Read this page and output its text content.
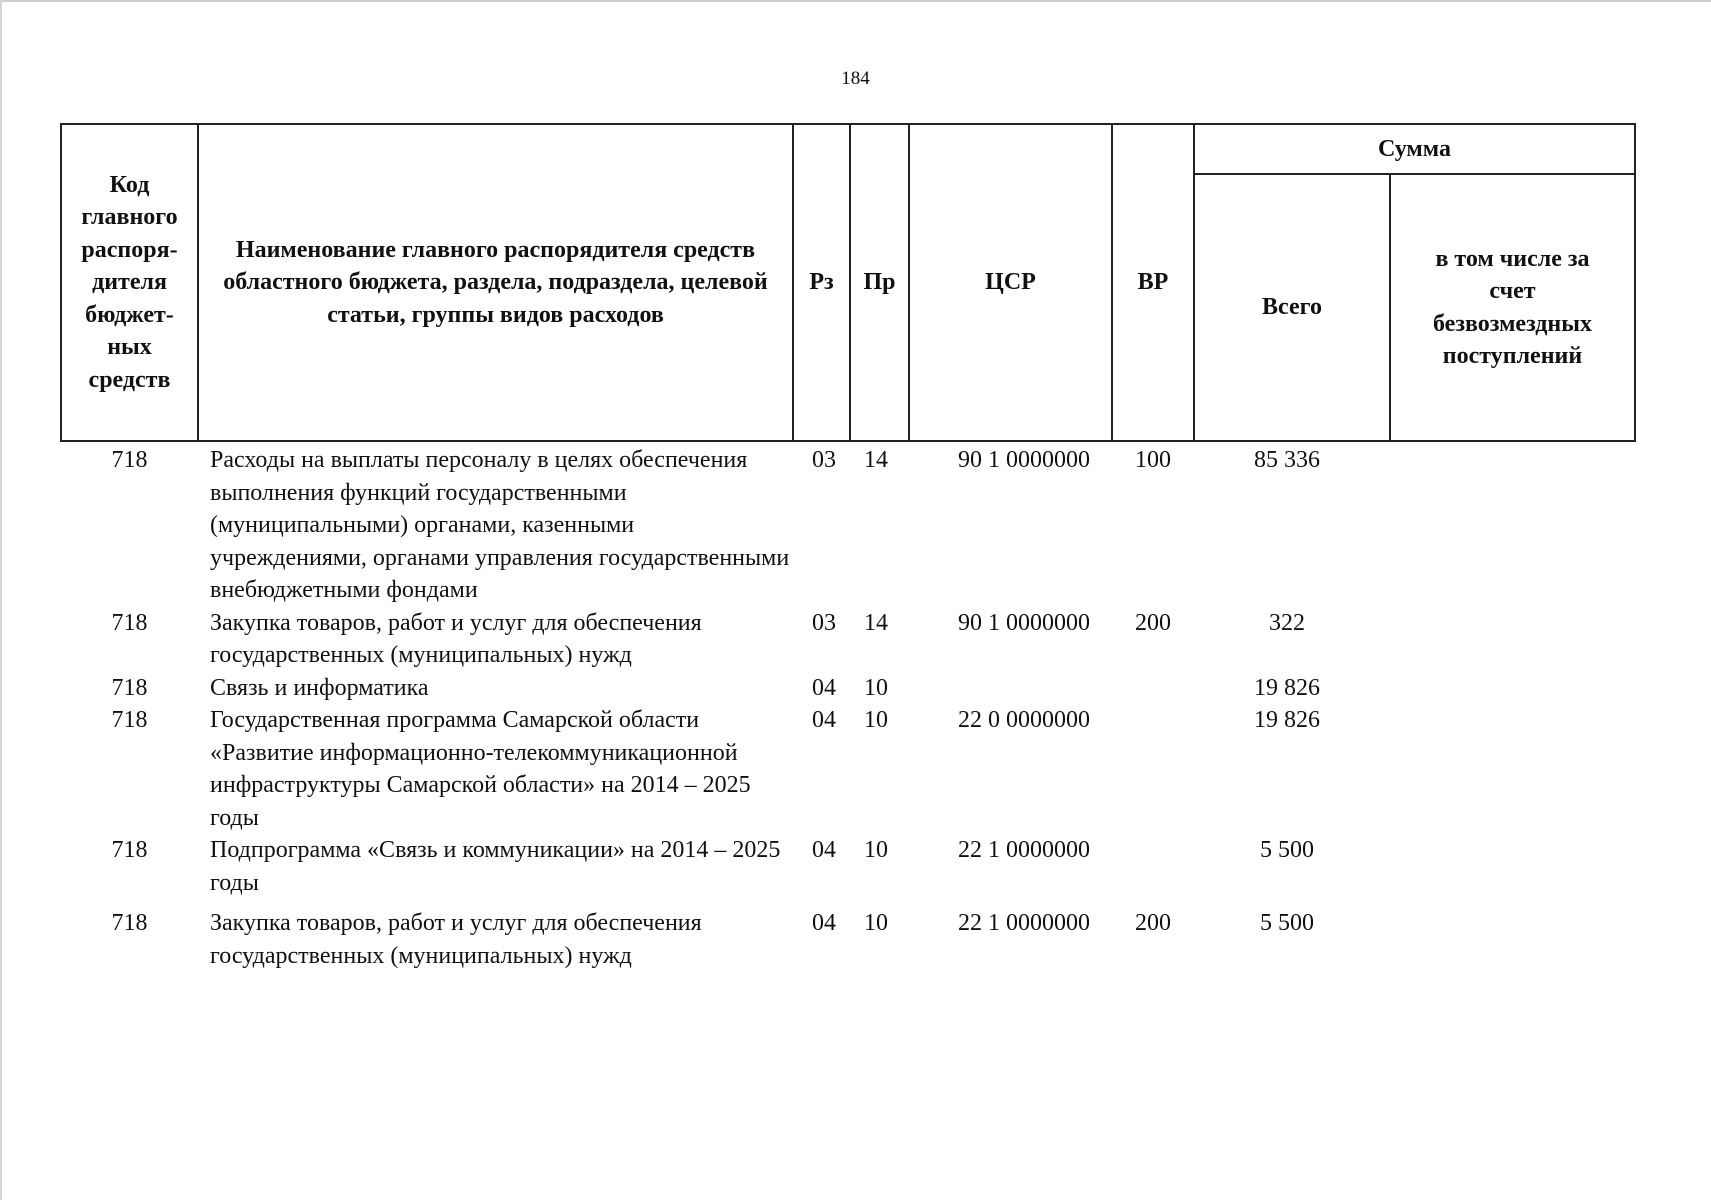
184
Код главного распоря-дителя бюджет-ных средств	Наименование главного распорядителя средств областного бюджета, раздела, подраздела, целевой статьи, группы видов расходов	Рз	Пр	ЦСР	ВР	Сумма	
						Всего	в том числе за счет безвозмездных поступлений
718	Расходы на выплаты персоналу в целях обеспечения выполнения функций государственными (муниципальными) органами, казенными учреждениями, органами управления государственными внебюджетными фондами	03	14	90 1 0000000	100	85 336	
718	Закупка товаров, работ и услуг для обеспечения государственных (муниципальных) нужд	03	14	90 1 0000000	200	322	
718	Связь и информатика	04	10			19 826	
718	Государственная программа Самарской области «Развитие информационно-телекоммуникационной инфраструктуры Самарской области» на 2014 – 2025 годы	04	10	22 0 0000000		19 826	
718	Подпрограмма «Связь и коммуникации» на 2014 – 2025 годы	04	10	22 1 0000000		5 500	
718	Закупка товаров, работ и услуг для обеспечения государственных (муниципальных) нужд	04	10	22 1 0000000	200	5 500	
